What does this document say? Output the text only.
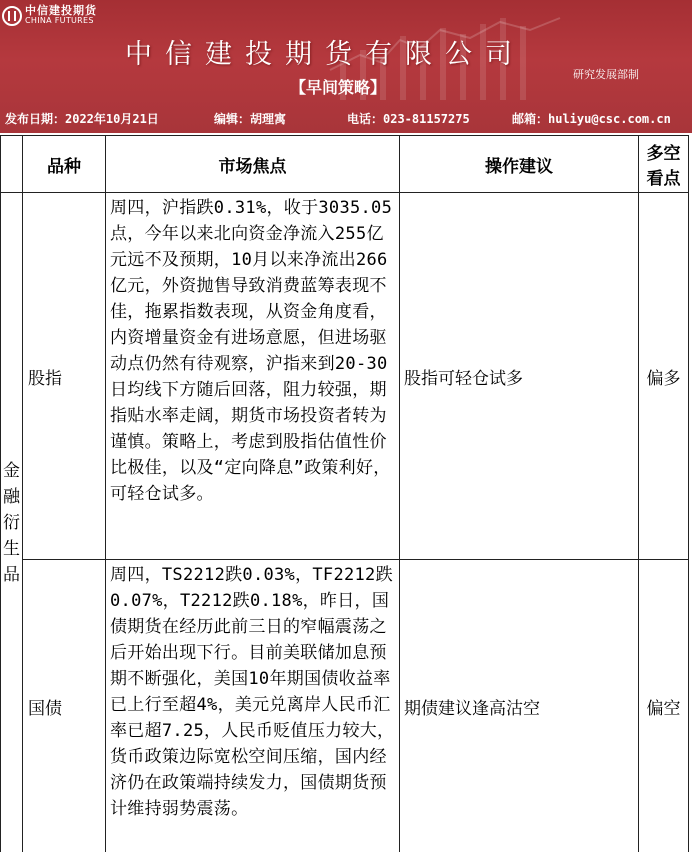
中信建投期货
CHINA FUTURES
中信建投期货有限公司
【早间策略】
研究发展部制
发布日期：2022年10月21日	编辑：胡理寓	电话：023-81157275	邮箱：huliyu@csc.com.cn
	品种	市场焦点	操作建议	多空看点
金融衍生品	股指	周四，沪指跌0.31%，收于3035.05点，今年以来北向资金净流入255亿元远不及预期，10月以来净流出266亿元，外资抛售导致消费蓝筹表现不佳，拖累指数表现，从资金角度看，内资增量资金有进场意愿，但进场驱动点仍然有待观察，沪指来到20-30日均线下方随后回落，阻力较强，期指贴水率走阔，期货市场投资者转为谨慎。策略上，考虑到股指估值性价比极佳，以及“定向降息”政策利好，可轻仓试多。	股指可轻仓试多	偏多
	国债	周四，TS2212跌0.03%，TF2212跌0.07%，T2212跌0.18%，昨日，国债期货在经历此前三日的窄幅震荡之后开始出现下行。目前美联储加息预期不断强化，美国10年期国债收益率已上行至超4%，美元兑离岸人民币汇率已超7.25，人民币贬值压力较大，货币政策边际宽松空间压缩，国内经济仍在政策端持续发力，国债期货预计维持弱势震荡。	期债建议逢高沽空	偏空
